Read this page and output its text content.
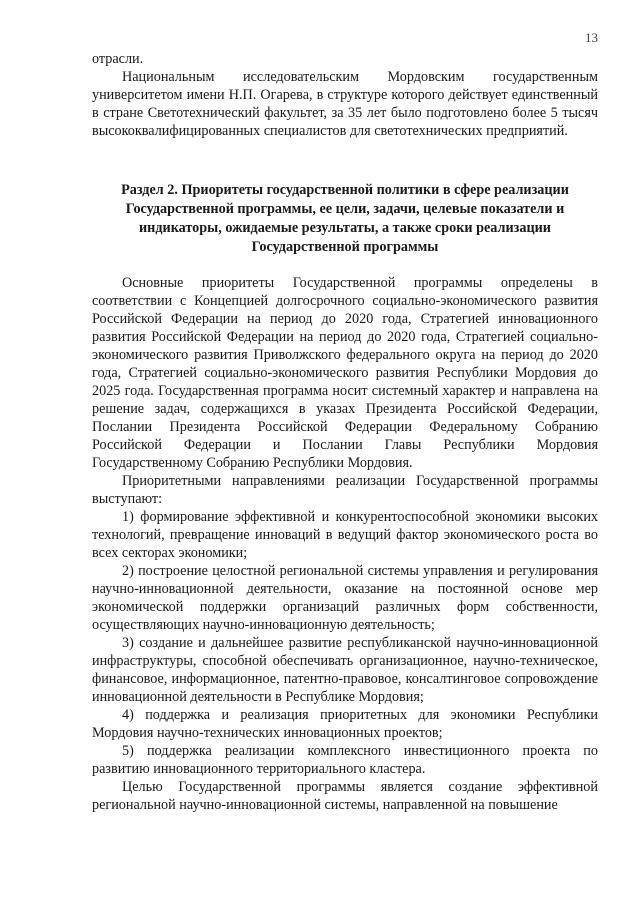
13

отрасли.

Национальным исследовательским Мордовским государственным университетом имени Н.П. Огарева, в структуре которого действует единственный в стране Светотехнический факультет, за 35 лет было подготовлено более 5 тысяч высококвалифицированных специалистов для светотехнических предприятий.

Раздел 2. Приоритеты государственной политики в сфере реализации Государственной программы, ее цели, задачи, целевые показатели и индикаторы, ожидаемые результаты, а также сроки реализации Государственной программы

Основные приоритеты Государственной программы определены в соответствии с Концепцией долгосрочного социально-экономического развития Российской Федерации на период до 2020 года, Стратегией инновационного развития Российской Федерации на период до 2020 года, Стратегией социально-экономического развития Приволжского федерального округа на период до 2020 года, Стратегией социально-экономического развития Республики Мордовия до 2025 года. Государственная программа носит системный характер и направлена на решение задач, содержащихся в указах Президента Российской Федерации, Послании Президента Российской Федерации Федеральному Собранию Российской Федерации и Послании Главы Республики Мордовия Государственному Собранию Республики Мордовия.

Приоритетными направлениями реализации Государственной программы выступают:

1) формирование эффективной и конкурентоспособной экономики высоких технологий, превращение инноваций в ведущий фактор экономического роста во всех секторах экономики;

2) построение целостной региональной системы управления и регулирования научно-инновационной деятельности, оказание на постоянной основе мер экономической поддержки организаций различных форм собственности, осуществляющих научно-инновационную деятельность;

3) создание и дальнейшее развитие республиканской научно-инновационной инфраструктуры, способной обеспечивать организационное, научно-техническое, финансовое, информационное, патентно-правовое, консалтинговое сопровождение инновационной деятельности в Республике Мордовия;

4) поддержка и реализация приоритетных для экономики Республики Мордовия научно-технических инновационных проектов;

5) поддержка реализации комплексного инвестиционного проекта по развитию инновационного территориального кластера.

Целью Государственной программы является создание эффективной региональной научно-инновационной системы, направленной на повышение
